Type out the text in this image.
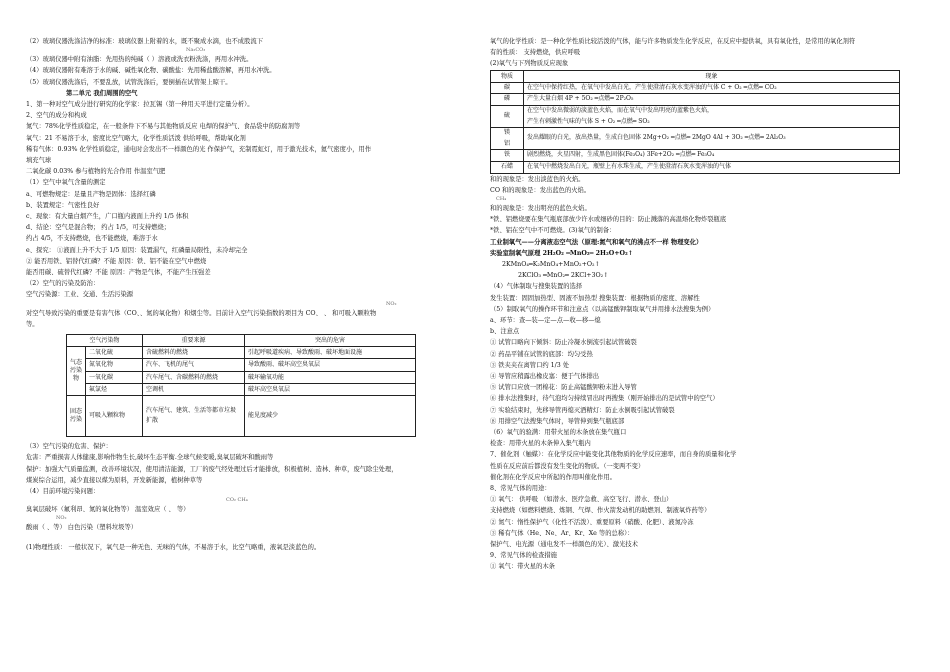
（2）玻璃仪器洗涤洁净的标准：玻璃仪器上附着的水，既不聚成水滴，也不成股流下
Na₂CO₃
（3）玻璃仪器中附有油脂：先用热的纯碱（ ）溶液或洗衣粉洗涤，再用水冲洗。
（4）玻璃仪器附有难溶于水的碱、碱性氧化物、碳酸盐：先用稀盐酸溶解，再用水冲洗。
（5）玻璃仪器洗涤后，不要乱放，试管洗涤后，要倒插在试管架上晾干。
第二单元 我们周围的空气
1、第一种对空气成分进行研究的化学家：拉瓦锡（第一种用天平进行定量分析）。
2、空气的成分和构成
氮气：78%化学性质稳定，在一般条件下不易与其他物质反应 电焊的保护气、食品袋中的防腐剂等
氧气：21 不易溶于水，密度比空气略大，化学性质活泼 供给呼吸，帮助氧化剂
稀有气体：0.93% 化学性质稳定，通电时会发出不一样颜色的光 作保护气，充制霓虹灯，用于激光技术，氦气密度小，用作
填充气球
二氧化碳 0.03% 参与植物的光合作用 作温室气肥
（1）空气中氧气含量的测定
a、可燃物规定：足量且产物是固体：选择红磷
b、装置规定：气密性良好
c、现象：有大量白烟产生，广口瓶内液面上升约 1/5 体积
d、结论：空气是混合物； 约占 1/5，可支持燃烧；
约占 4/5，不支持燃烧，也不能燃烧，难溶于水
e、探究： ①液面上升不大于 1/5 原因：装置漏气，红磷量局限性，未冷却完全
② 能否用铁、铝替代红磷？不能 原因：铁、铝不能在空气中燃烧
能否用碳、硫替代红磷？不能 原因：产物是气体，不能产生压强差
（2）空气的污染及防治：
空气污染源：工业、交通、生活污染源
NO₂
对空气导致污染的重要是有害气体（CO、、氮的氧化物）和烟尘等。目前计入空气污染指数的项目为 CO、 、 和可吸入颗粒物
等。
空气污染物		重要来源	突出的危害
气态污染物	二氧化硫	含硫燃料的燃烧	引起呼吸道疾病、导致酸雨、破坏地面设施
	氮氧化物	汽车、飞机的尾气	导致酸雨、破坏高空臭氧层
	一氧化碳	汽车尾气、含碳燃料的燃烧	破坏输氧功能
	氟氯烃	空调机	破坏高空臭氧层
固态污染	可吸入颗粒物	汽车尾气、建筑、生活等都市垃圾扩散	能见度减少
（3）空气污染的危害、保护：
危害：严重损害人体健康,影响作物生长,破坏生态平衡.全球气候变暖,臭氧层破坏和酸雨等
保护：加强大气质量监测，改善环境状况，使用清洁能源，工厂的废气经处理过后才能排放，积极植树、造林、种草，废气除尘处理，
煤炭综合运用，减少直接以煤为原料，开发新能源，植树种草等
（4）目前环境污染问题：
CO₂ CH₄
臭氧层破坏（氟利昂、氮的氧化物等） 温室效应（ 、 等）
NO₂
酸雨（ 、等） 白色污染（塑料垃圾等）
(1)物理性质： 一般状况下，氧气是一种无色、无味的气体，不易溶于水，比空气略重，液氧是淡蓝色的。
氧气的化学性质：是一种化学性质比较活泼的气体，能与许多物质发生化学反应，在反应中提供氧，具有氧化性，是常用的氧化剂符
有的性质： 支持燃烧，供应呼吸
(2)氧气与下列物质反应现象
物质	现象
碳	在空气中保持红热，在氧气中发出白光，产生使澄清石灰水变浑浊的气体 C + O₂ ═点燃═ CO₂
磷	产生大量白烟 4P + 5O₂ ═点燃═ 2P₂O₅
硫	在空气中发出微弱的淡蓝色火焰，而在氧气中发出明亮的蓝紫色火焰，
产生有刺激性气味的气体 S + O₂ ═点燃═ SO₂
镁
铝	发出耀眼的白光，放出热量，生成白色固体 2Mg+O₂ ═点燃═ 2MgO 4Al + 3O₂ ═点燃═ 2Al₂O₃
铁	剧烈燃烧，火星四射，生成黑色固体(Fe₃O₄) 3Fe+2O₂ ═点燃═ Fe₃O₄
石蜡	在氧气中燃烧发出白光，瓶壁上有水珠生成，产生使澄清石灰水变浑浊的气体
和的现象是：发出淡蓝色的火焰。
CO 和的现象是：发出蓝色的火焰。
CH₄
和的现象是：发出明亮的蓝色火焰。
*铁、铝燃烧要在集气瓶底部放少许水或细砂的目的：防止溅落的高温熔化物炸裂瓶底
*铁、铝在空气中不可燃烧。(3)氧气的制备：
工业制氧气——分离液态空气法（原理:氮气和氧气的沸点不一样 物理变化）
实验室制氧气原理 2H₂O₂ ═MnO₂═ 2H₂O+O₂↑
2KMnO₄═K₂MnO₄+MnO₂+O₂↑
2KClO₃ ═MnO₂═ 2KCl+3O₂↑
（4）气体制取与搜集装置的选择
发生装置：固固加热型、固液不加热型 搜集装置：根据物质的密度、溶解性
（5）制取氧气的操作环节和注意点（以高锰酸钾制取氧气并用排水法搜集为例）
a、环节：查—装—定—点—收—移—熄
b、注意点
① 试管口略向下倾斜：防止冷凝水倒流引起试管破裂
② 药品平铺在试管的底部：均匀受热
③ 铁夹夹在离管口约 1/3 处
④ 导管应稍露出橡皮塞：便于气体排出
⑤ 试管口应放一团棉花：防止高锰酸钾粉末进入导管
⑥ 排水法搜集时，待气泡均匀持续冒出时再搜集（刚开始排出的是试管中的空气）
⑦ 实验结束时，先移导管再熄灭酒精灯：防止水倒吸引起试管破裂
⑧ 用排空气法搜集气体时，导管伸到集气瓶底部
（6）氧气的验满：用带火星的木条放在集气瓶口
检查：用带火星的木条伸入集气瓶内
7、催化剂（触媒）：在化学反应中能变化其他物质的化学反应速率，而自身的质量和化学
性质在反应前后都没有发生变化的物质。（一变两不变）
催化剂在化学反应中所起的作用叫催化作用。
8、常见气体的用途：
① 氧气： 供呼吸 （如潜水、医疗急救、高空飞行、潜水、登山）
支持燃烧（如燃料燃烧、炼钢、气焊、作火箭发动机的助燃剂、制液氧炸药等）
② 氮气：惰性保护气（化性不活泼）、重要原料（硝酸、化肥）、液氮冷冻
③ 稀有气体（He、Ne、Ar、Kr、Xe 等的总称）：
保护气、电光源（通电发不一样颜色的光）、激光技术
9、常见气体的检查措施
① 氧气：带火星的木条
